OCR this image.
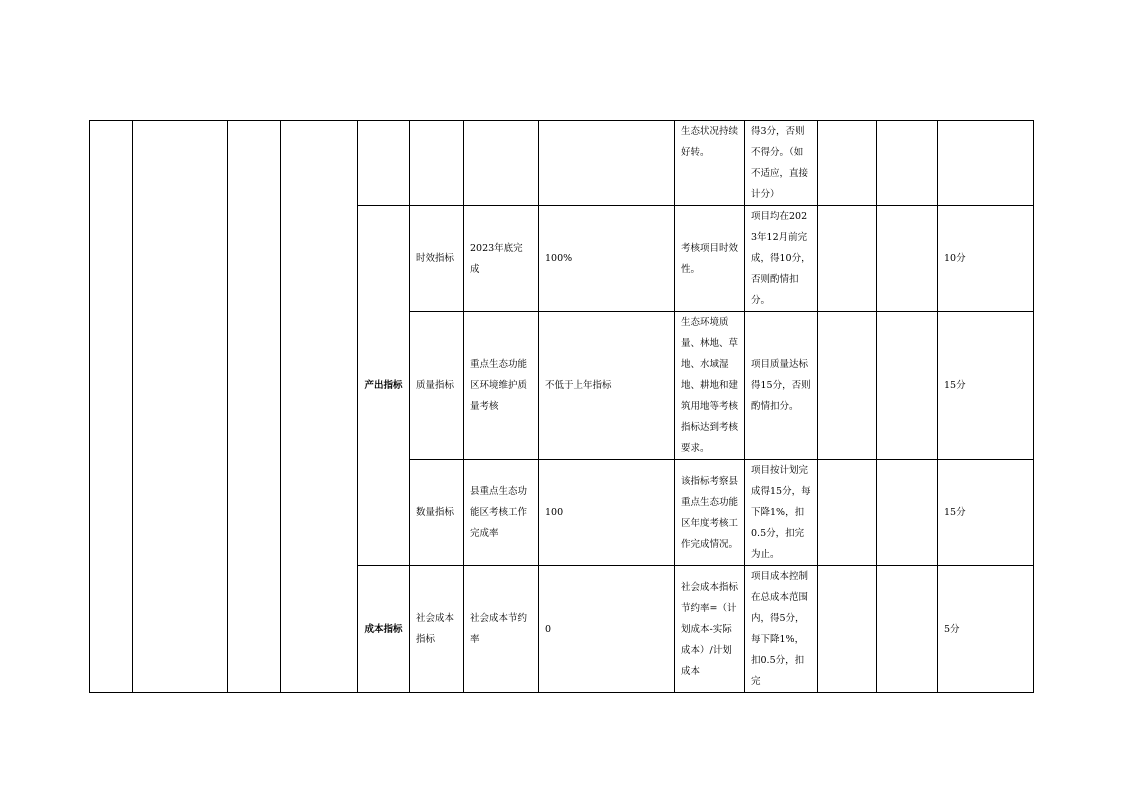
								生态状况持续好转。	得3分，否则不得分。（如不适应，直接计分）			
				产出指标	时效指标	2023年底完成	100%	考核项目时效性。	项目均在2023年12月前完成，得10分，否则酌情扣分。			10分
					质量指标	重点生态功能区环境维护质量考核	不低于上年指标	生态环境质量、林地、草地、水域湿地、耕地和建筑用地等考核指标达到考核要求。	项目质量达标得15分，否则酌情扣分。			15分
					数量指标	县重点生态功能区考核工作完成率	100	该指标考察县重点生态功能区年度考核工作完成情况。	项目按计划完成得15分，每下降1%，扣0.5分，扣完为止。			15分
				成本指标	社会成本指标	社会成本节约率	0	社会成本指标节约率=（计划成本-实际成本）/计划成本	项目成本控制在总成本范围内，得5分，每下降1%，扣0.5分，扣完			5分
